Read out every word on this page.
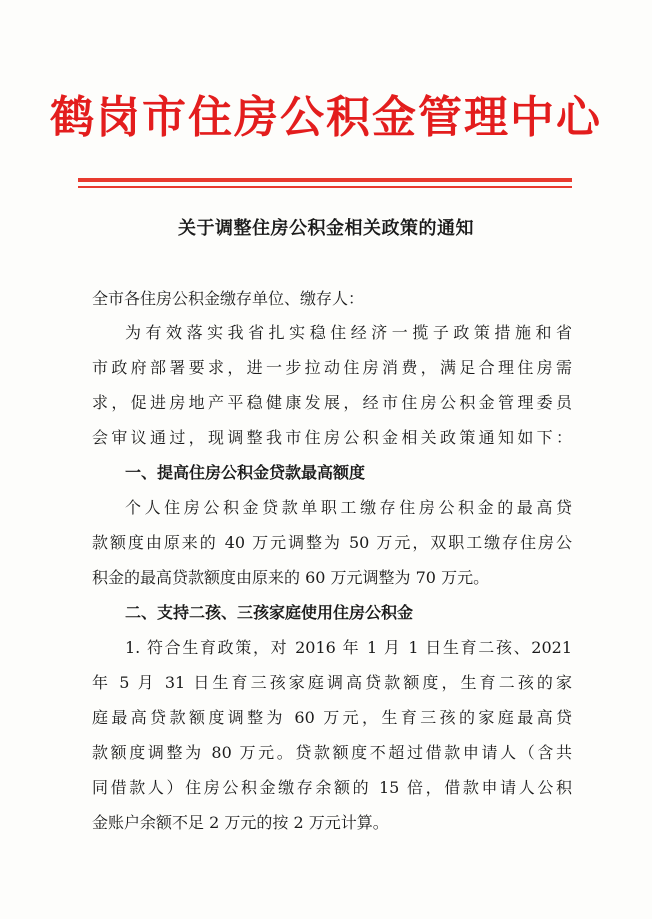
鹤岗市住房公积金管理中心
关于调整住房公积金相关政策的通知
全市各住房公积金缴存单位、缴存人：
为有效落实我省扎实稳住经济一揽子政策措施和省
市政府部署要求，进一步拉动住房消费，满足合理住房需
求，促进房地产平稳健康发展，经市住房公积金管理委员
会审议通过，现调整我市住房公积金相关政策通知如下：
一、提高住房公积金贷款最高额度
个人住房公积金贷款单职工缴存住房公积金的最高贷
款额度由原来的 40 万元调整为 50 万元，双职工缴存住房公
积金的最高贷款额度由原来的 60 万元调整为 70 万元。
二、支持二孩、三孩家庭使用住房公积金
1. 符合生育政策，对 2016 年 1 月 1 日生育二孩、2021
年 5 月 31 日生育三孩家庭调高贷款额度，生育二孩的家
庭最高贷款额度调整为 60 万元，生育三孩的家庭最高贷
款额度调整为 80 万元。贷款额度不超过借款申请人（含共
同借款人）住房公积金缴存余额的 15 倍，借款申请人公积
金账户余额不足 2 万元的按 2 万元计算。
